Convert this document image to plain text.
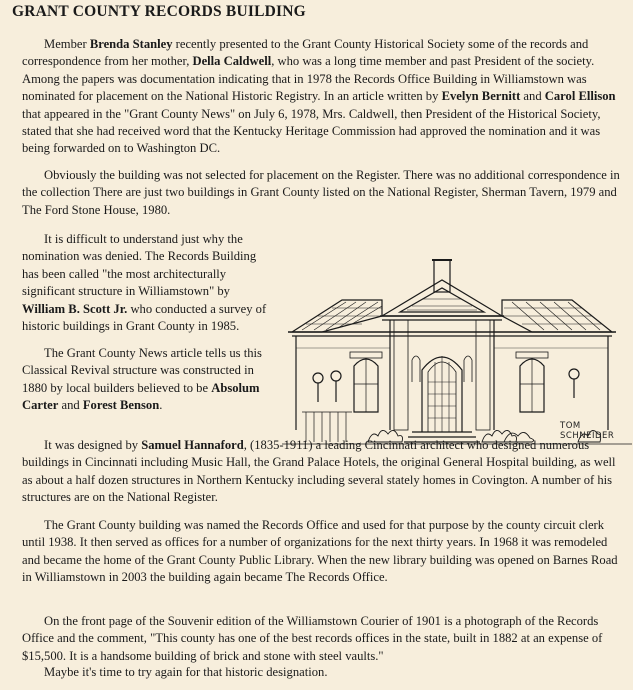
GRANT COUNTY RECORDS BUILDING

Member Brenda Stanley recently presented to the Grant County Historical Society some of the records and correspondence from her mother, Della Caldwell, who was a long time member and past President of the society. Among the papers was documentation indicating that in 1978 the Records Office Building in Williamstown was nominated for placement on the National Historic Registry. In an article written by Evelyn Bernitt and Carol Ellison that appeared in the "Grant County News" on July 6, 1978, Mrs. Caldwell, then President of the Historical Society, stated that she had received word that the Kentucky Heritage Commission had approved the nomination and it was being forwarded on to Washington DC.

Obviously the building was not selected for placement on the Register. There was no additional correspondence in the collection There are just two buildings in Grant County listed on the National Register, Sherman Tavern, 1979 and The Ford Stone House, 1980.

It is difficult to understand just why the nomination was denied. The Records Building has been called "the most architecturally significant structure in Williamstown" by William B. Scott Jr. who conducted a survey of historic buildings in Grant County in 1985.

The Grant County News article tells us this Classical Revival structure was constructed in 1880 by local builders believed to be Absolum Carter and Forest Benson.

TOM
SCHNEIDER

It was designed by Samuel Hannaford, (1835-1911) a leading Cincinnati architect who designed numerous buildings in Cincinnati including Music Hall, the Grand Palace Hotels, the original General Hospital building, as well as about a half dozen structures in Northern Kentucky including several stately homes in Covington. A number of his structures are on the National Register.

The Grant County building was named the Records Office and used for that purpose by the county circuit clerk until 1938. It then served as offices for a number of organizations for the next thirty years. In 1968 it was remodeled and became the home of the Grant County Public Library. When the new library building was opened on Barnes Road in Williamstown in 2003 the building again became The Records Office.

On the front page of the Souvenir edition of the Williamstown Courier of 1901 is a photograph of the Records Office and the comment, "This county has one of the best records offices in the state, built in 1882 at an expense of $15,500. It is a handsome building of brick and stone with steel vaults."

Maybe it's time to try again for that historic designation.
